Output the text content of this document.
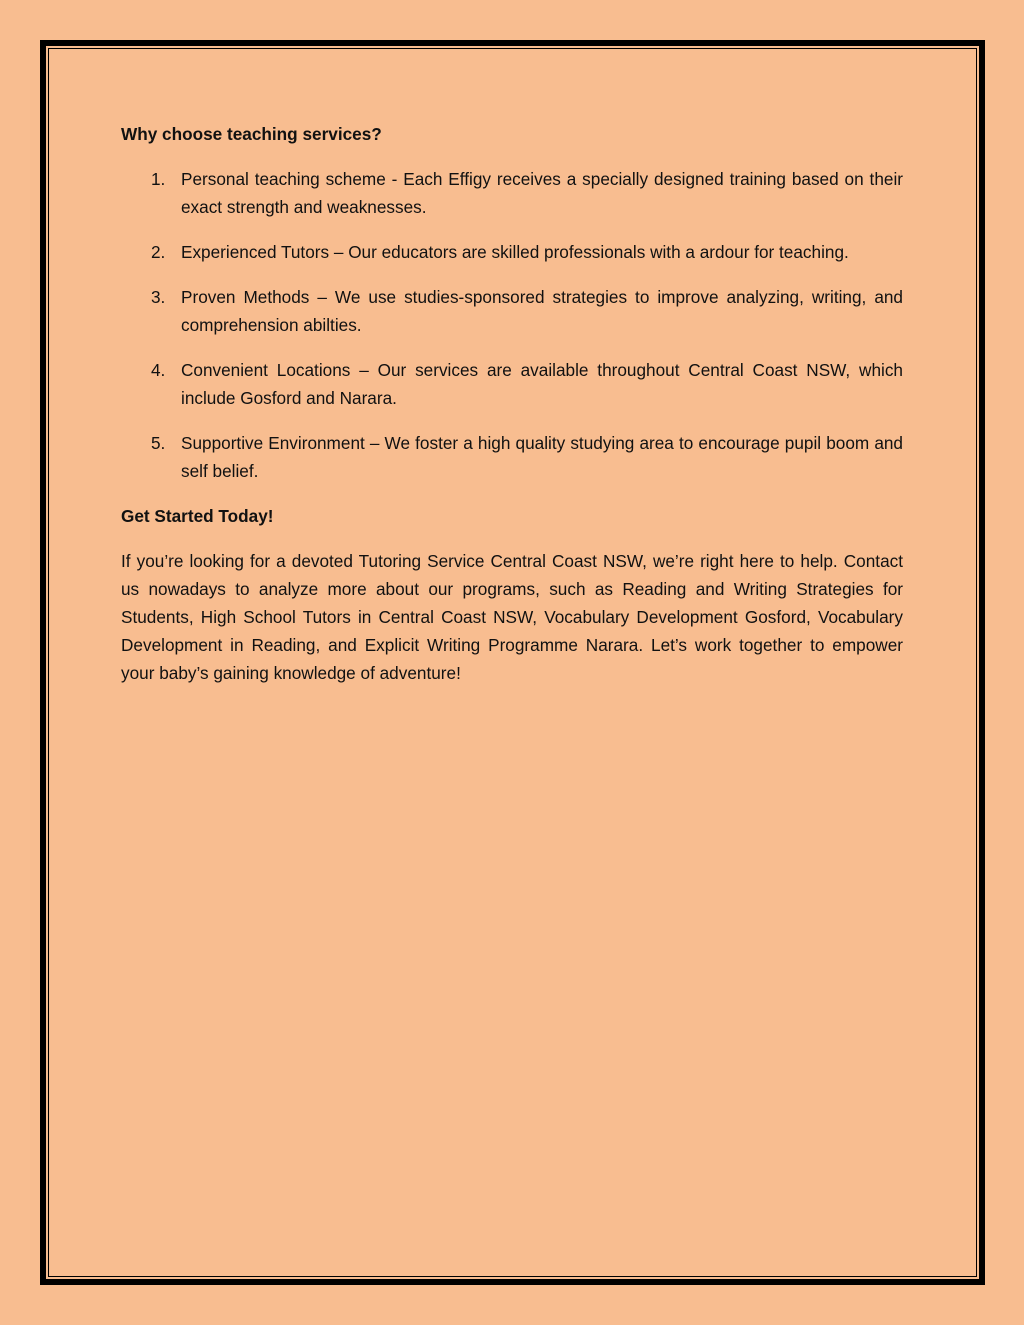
Why choose teaching services?

1. Personal teaching scheme - Each Effigy receives a specially designed training based on their exact strength and weaknesses.
2. Experienced Tutors – Our educators are skilled professionals with a ardour for teaching.
3. Proven Methods – We use studies-sponsored strategies to improve analyzing, writing, and comprehension abilties.
4. Convenient Locations – Our services are available throughout Central Coast NSW, which include Gosford and Narara.
5. Supportive Environment – We foster a high quality studying area to encourage pupil boom and self belief.

Get Started Today!

If you’re looking for a devoted Tutoring Service Central Coast NSW, we’re right here to help. Contact us nowadays to analyze more about our programs, such as Reading and Writing Strategies for Students, High School Tutors in Central Coast NSW, Vocabulary Development Gosford, Vocabulary Development in Reading, and Explicit Writing Programme Narara. Let’s work together to empower your baby’s gaining knowledge of adventure!
